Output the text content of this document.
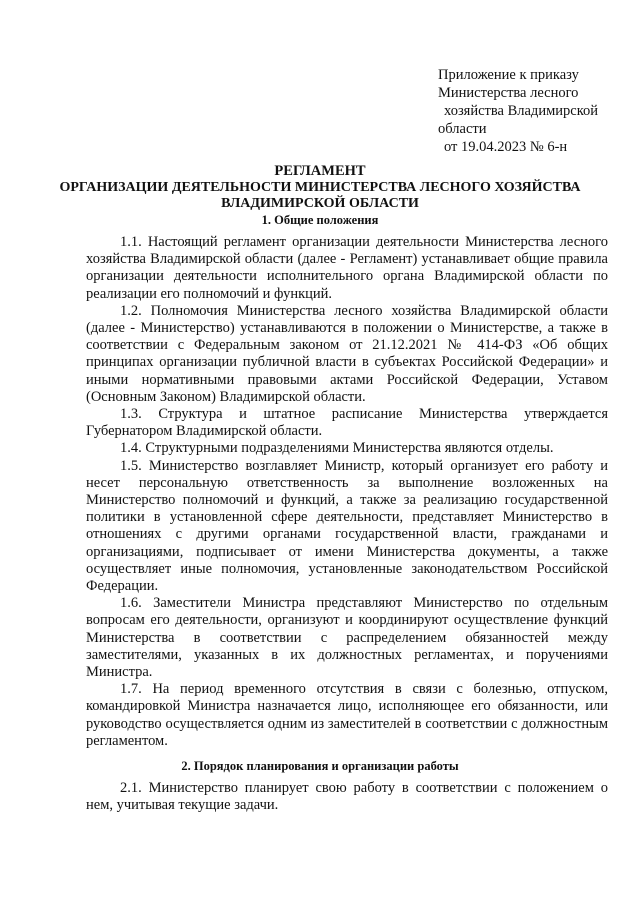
Приложение к приказу
Министерства лесного
хозяйства Владимирской
области
от 19.04.2023 № 6-н
РЕГЛАМЕНТ
ОРГАНИЗАЦИИ ДЕЯТЕЛЬНОСТИ МИНИСТЕРСТВА ЛЕСНОГО ХОЗЯЙСТВА ВЛАДИМИРСКОЙ ОБЛАСТИ
1. Общие положения

1.1. Настоящий регламент организации деятельности Министерства лесного хозяйства Владимирской области (далее - Регламент) устанавливает общие правила организации деятельности исполнительного органа Владимирской области по реализации его полномочий и функций.

1.2. Полномочия Министерства лесного хозяйства Владимирской области (далее - Министерство) устанавливаются в положении о Министерстве, а также в соответствии с Федеральным законом от 21.12.2021 № 414-ФЗ «Об общих принципах организации публичной власти в субъектах Российской Федерации» и иными нормативными правовыми актами Российской Федерации, Уставом (Основным Законом) Владимирской области.

1.3. Структура и штатное расписание Министерства утверждается Губернатором Владимирской области.

1.4. Структурными подразделениями Министерства являются отделы.

1.5. Министерство возглавляет Министр, который организует его работу и несет персональную ответственность за выполнение возложенных на Министерство полномочий и функций, а также за реализацию государственной политики в установленной сфере деятельности, представляет Министерство в отношениях с другими органами государственной власти, гражданами и организациями, подписывает от имени Министерства документы, а также осуществляет иные полномочия, установленные законодательством Российской Федерации.

1.6. Заместители Министра представляют Министерство по отдельным вопросам его деятельности, организуют и координируют осуществление функций Министерства в соответствии с распределением обязанностей между заместителями, указанных в их должностных регламентах, и поручениями Министра.

1.7. На период временного отсутствия в связи с болезнью, отпуском, командировкой Министра назначается лицо, исполняющее его обязанности, или руководство осуществляется одним из заместителей в соответствии с должностным регламентом.

2. Порядок планирования и организации работы

2.1. Министерство планирует свою работу в соответствии с положением о нем, учитывая текущие задачи.
